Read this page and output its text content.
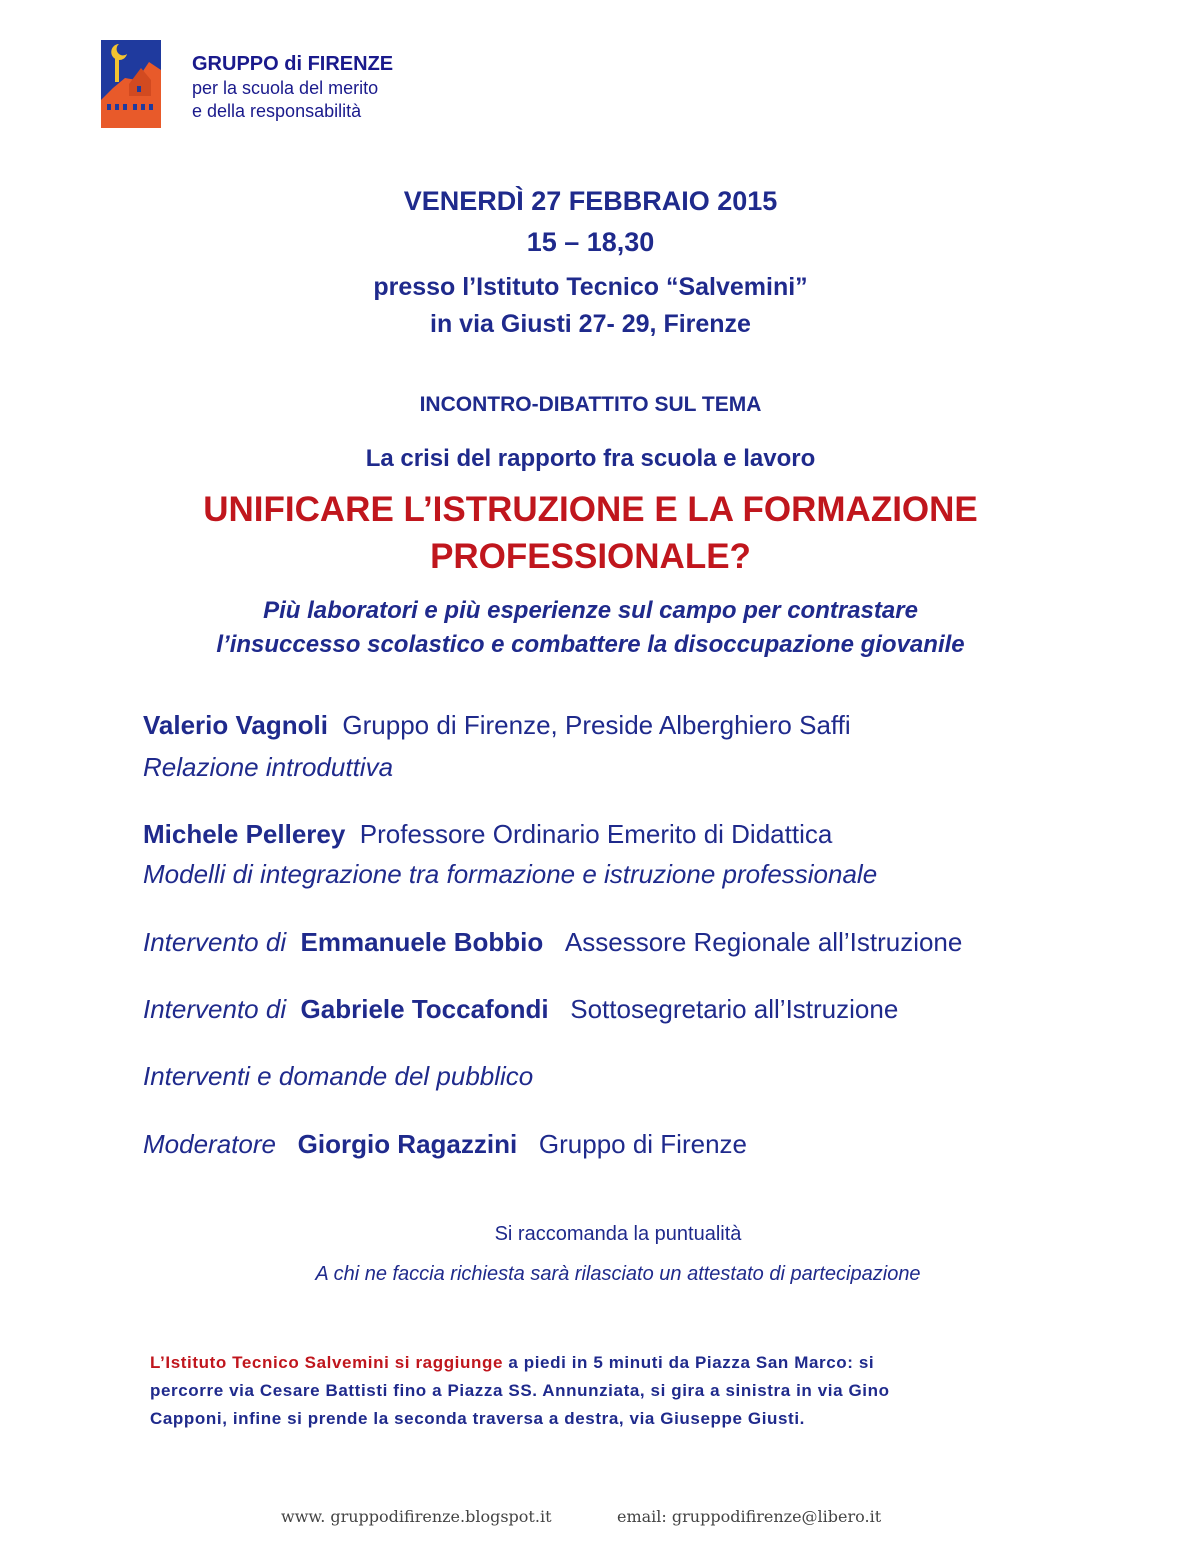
GRUPPO di FIRENZE
per la scuola del merito
e della responsabilità
VENERDÌ 27 FEBBRAIO 2015
15 – 18,30
presso l’Istituto Tecnico “Salvemini”
in via Giusti 27- 29, Firenze
INCONTRO-DIBATTITO SUL TEMA
La crisi del rapporto fra scuola e lavoro
UNIFICARE L’ISTRUZIONE E LA FORMAZIONE
PROFESSIONALE?
Più laboratori e più esperienze sul campo per contrastare
l’insuccesso scolastico e combattere la disoccupazione giovanile
Valerio Vagnoli Gruppo di Firenze, Preside Alberghiero Saffi
Relazione introduttiva
Michele Pellerey Professore Ordinario Emerito di Didattica
Modelli di integrazione tra formazione e istruzione professionale
Intervento di Emmanuele Bobbio Assessore Regionale all’Istruzione
Intervento di Gabriele Toccafondi Sottosegretario all’Istruzione
Interventi e domande del pubblico
Moderatore Giorgio Ragazzini Gruppo di Firenze
Si raccomanda la puntualità
A chi ne faccia richiesta sarà rilasciato un attestato di partecipazione
L’Istituto Tecnico Salvemini si raggiunge a piedi in 5 minuti da Piazza San Marco: si
percorre via Cesare Battisti fino a Piazza SS. Annunziata, si gira a sinistra in via Gino
Capponi, infine si prende la seconda traversa a destra, via Giuseppe Giusti.
www. gruppodifirenze.blogspot.it	email: gruppodifirenze@libero.it
